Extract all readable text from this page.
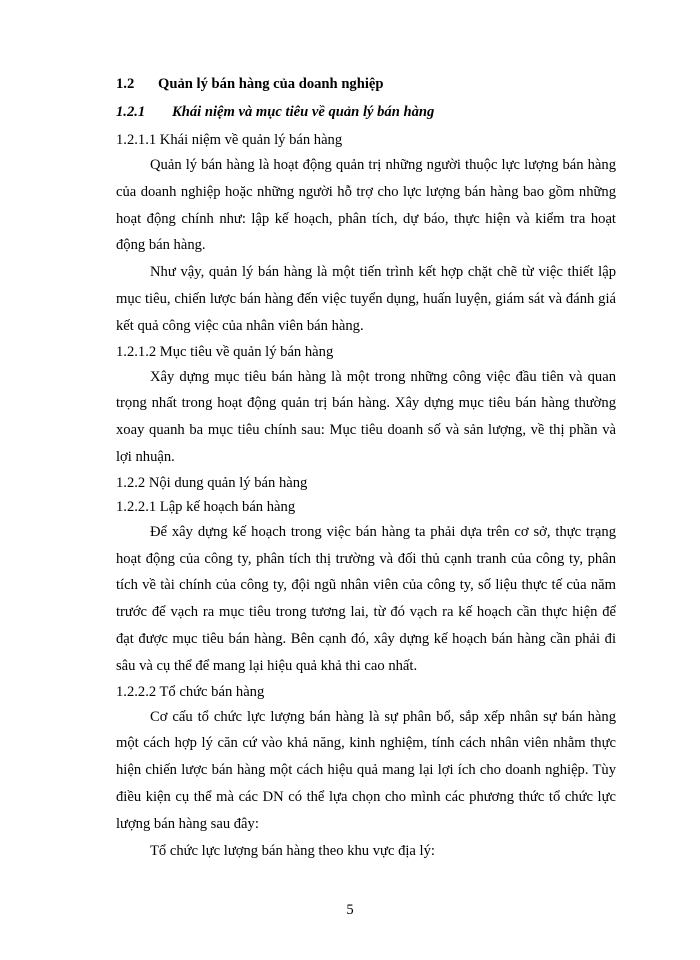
1.2 Quản lý bán hàng của doanh nghiệp
1.2.1 Khái niệm và mục tiêu về quản lý bán hàng
1.2.1.1 Khái niệm về quản lý bán hàng

Quản lý bán hàng là hoạt động quản trị những người thuộc lực lượng bán hàng của doanh nghiệp hoặc những người hỗ trợ cho lực lượng bán hàng bao gồm những hoạt động chính như: lập kế hoạch, phân tích, dự báo, thực hiện và kiểm tra hoạt động bán hàng.

Như vậy, quản lý bán hàng là một tiến trình kết hợp chặt chẽ từ việc thiết lập mục tiêu, chiến lược bán hàng đến việc tuyển dụng, huấn luyện, giám sát và đánh giá kết quả công việc của nhân viên bán hàng.

1.2.1.2 Mục tiêu về quản lý bán hàng

Xây dựng mục tiêu bán hàng là một trong những công việc đầu tiên và quan trọng nhất trong hoạt động quản trị bán hàng. Xây dựng mục tiêu bán hàng thường xoay quanh ba mục tiêu chính sau: Mục tiêu doanh số và sản lượng, về thị phần và lợi nhuận.

1.2.2 Nội dung quản lý bán hàng
1.2.2.1 Lập kế hoạch bán hàng

Để xây dựng kế hoạch trong việc bán hàng ta phải dựa trên cơ sở, thực trạng hoạt động của công ty, phân tích thị trường và đối thủ cạnh tranh của công ty, phân tích về tài chính của công ty, đội ngũ nhân viên của công ty, số liệu thực tế của năm trước để vạch ra mục tiêu trong tương lai, từ đó vạch ra kế hoạch cần thực hiện để đạt được mục tiêu bán hàng. Bên cạnh đó, xây dựng kế hoạch bán hàng cần phải đi sâu và cụ thể để mang lại hiệu quả khả thi cao nhất.

1.2.2.2 Tổ chức bán hàng

Cơ cấu tổ chức lực lượng bán hàng là sự phân bổ, sắp xếp nhân sự bán hàng một cách hợp lý căn cứ vào khả năng, kinh nghiệm, tính cách nhân viên nhằm thực hiện chiến lược bán hàng một cách hiệu quả mang lại lợi ích cho doanh nghiệp. Tùy điều kiện cụ thể mà các DN có thể lựa chọn cho mình các phương thức tổ chức lực lượng bán hàng sau đây:

Tổ chức lực lượng bán hàng theo khu vực địa lý:

5
